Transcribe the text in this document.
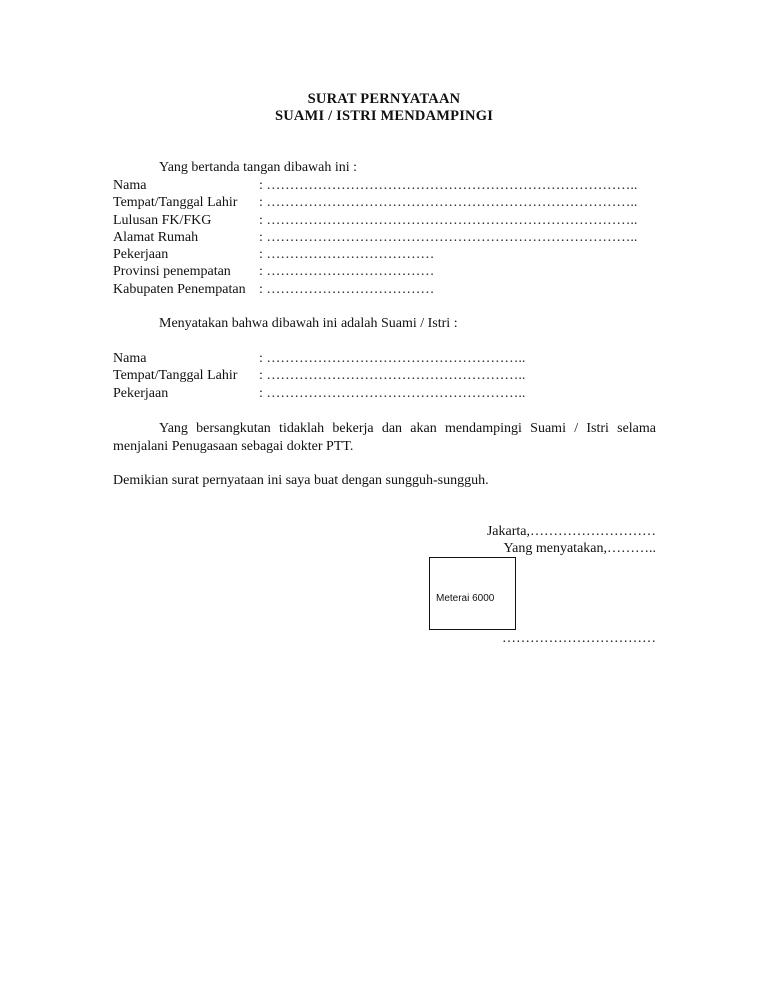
SURAT PERNYATAAN
SUAMI / ISTRI MENDAMPINGI
Yang bertanda tangan dibawah ini :
Nama	: ……………………………………………………………………..
Tempat/Tanggal Lahir	: ……………………………………………………………………..
Lulusan FK/FKG	: ……………………………………………………………………..
Alamat Rumah	: ……………………………………………………………………..
Pekerjaan	: ………………………………
Provinsi penempatan	: ………………………………
Kabupaten Penempatan : ………………………………
Menyatakan bahwa dibawah ini adalah Suami / Istri :
Nama	: ………………………………………………..
Tempat/Tanggal Lahir	: ………………………………………………..
Pekerjaan	: ………………………………………………..
Yang bersangkutan tidaklah bekerja dan akan mendampingi Suami / Istri selama menjalani Penugasaan sebagai dokter PTT.
Demikian surat pernyataan ini saya buat dengan sungguh-sungguh.
Jakarta,………………………
Yang menyatakan,………..
Meterai 6000
……………………………
